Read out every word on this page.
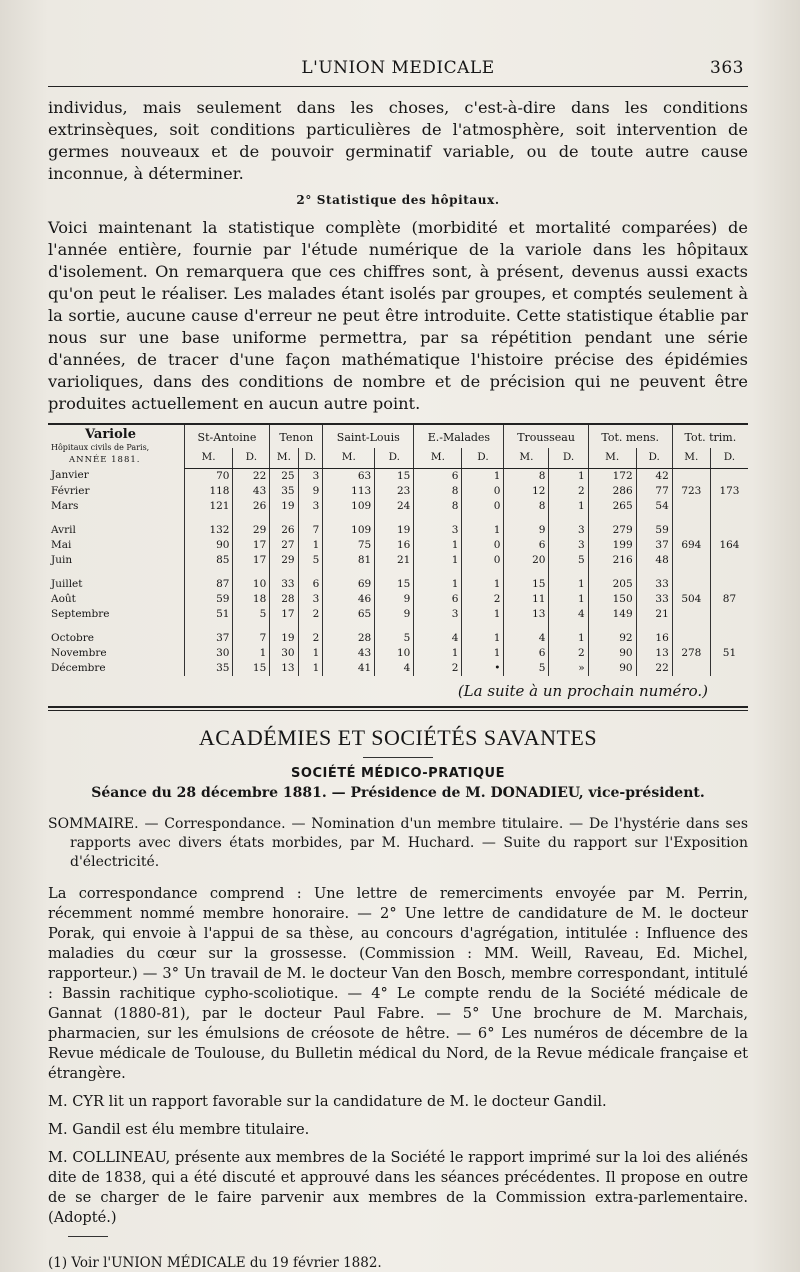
L'UNION MEDICALE	363

individus, mais seulement dans les choses, c'est-à-dire dans les conditions extrinsèques, soit conditions particulières de l'atmosphère, soit intervention de germes nouveaux et de pouvoir germinatif variable, ou de toute autre cause inconnue, à déterminer.

2° Statistique des hôpitaux.

Voici maintenant la statistique complète (morbidité et mortalité comparées) de l'année entière, fournie par l'étude numérique de la variole dans les hôpitaux d'isolement. On remarquera que ces chiffres sont, à présent, devenus aussi exacts qu'on peut le réaliser. Les malades étant isolés par groupes, et comptés seulement à la sortie, aucune cause d'erreur ne peut être introduite. Cette statistique établie par nous sur une base uniforme permettra, par sa répétition pendant une série d'années, de tracer d'une façon mathématique l'histoire précise des épidémies varioliques, dans des conditions de nombre et de précision qui ne peuvent être produites actuellement en aucun autre point.

Variole
Hôpitaux civils de Paris,
ANNÉE 1881.	St-Antoine		Tenon		Saint-Louis		E.-Malades		Trousseau		Tot. mens.		Tot. trim.	
	M.	D.	M.	D.	M.	D.	M.	D.	M.	D.	M.	D.	M.	D.
Janvier	70	22	25	3	63	15	6	1	8	1	172	42	723	173
Février	118	43	35	9	113	23	8	0	12	2	286	77		
Mars	121	26	19	3	109	24	8	0	8	1	265	54		

Avril	132	29	26	7	109	19	3	1	9	3	279	59	694	164
Mai	90	17	27	1	75	16	1	0	6	3	199	37		
Juin	85	17	29	5	81	21	1	0	20	5	216	48		

Juillet	87	10	33	6	69	15	1	1	15	1	205	33	504	87
Août	59	18	28	3	46	9	6	2	11	1	150	33		
Septembre	51	5	17	2	65	9	3	1	13	4	149	21		

Octobre	37	7	19	2	28	5	4	1	4	1	92	16	278	51
Novembre	30	1	30	1	43	10	1	1	6	2	90	13		
Décembre	35	15	13	1	41	4	2	•	5	»	90	22		
(La suite à un prochain numéro.)
ACADÉMIES ET SOCIÉTÉS SAVANTES
SOCIÉTÉ MÉDICO-PRATIQUE
Séance du 28 décembre 1881. — Présidence de M. DONADIEU, vice-président.

SOMMAIRE. — Correspondance. — Nomination d'un membre titulaire. — De l'hystérie dans ses rapports avec divers états morbides, par M. Huchard. — Suite du rapport sur l'Exposition d'électricité.

La correspondance comprend : Une lettre de remerciments envoyée par M. Perrin, récemment nommé membre honoraire. — 2° Une lettre de candidature de M. le docteur Porak, qui envoie à l'appui de sa thèse, au concours d'agrégation, intitulée : Influence des maladies du cœur sur la grossesse. (Commission : MM. Weill, Raveau, Ed. Michel, rapporteur.) — 3° Un travail de M. le docteur Van den Bosch, membre correspondant, intitulé : Bassin rachitique cypho-scoliotique. — 4° Le compte rendu de la Société médicale de Gannat (1880-81), par le docteur Paul Fabre. — 5° Une brochure de M. Marchais, pharmacien, sur les émulsions de créosote de hêtre. — 6° Les numéros de décembre de la Revue médicale de Toulouse, du Bulletin médical du Nord, de la Revue médicale française et étrangère.

M. CYR lit un rapport favorable sur la candidature de M. le docteur Gandil.

M. Gandil est élu membre titulaire.

M. COLLINEAU, présente aux membres de la Société le rapport imprimé sur la loi des aliénés dite de 1838, qui a été discuté et approuvé dans les séances précédentes. Il propose en outre de se charger de le faire parvenir aux membres de la Commission extra-parlementaire. (Adopté.)

(1) Voir l'UNION MÉDICALE du 19 février 1882.
